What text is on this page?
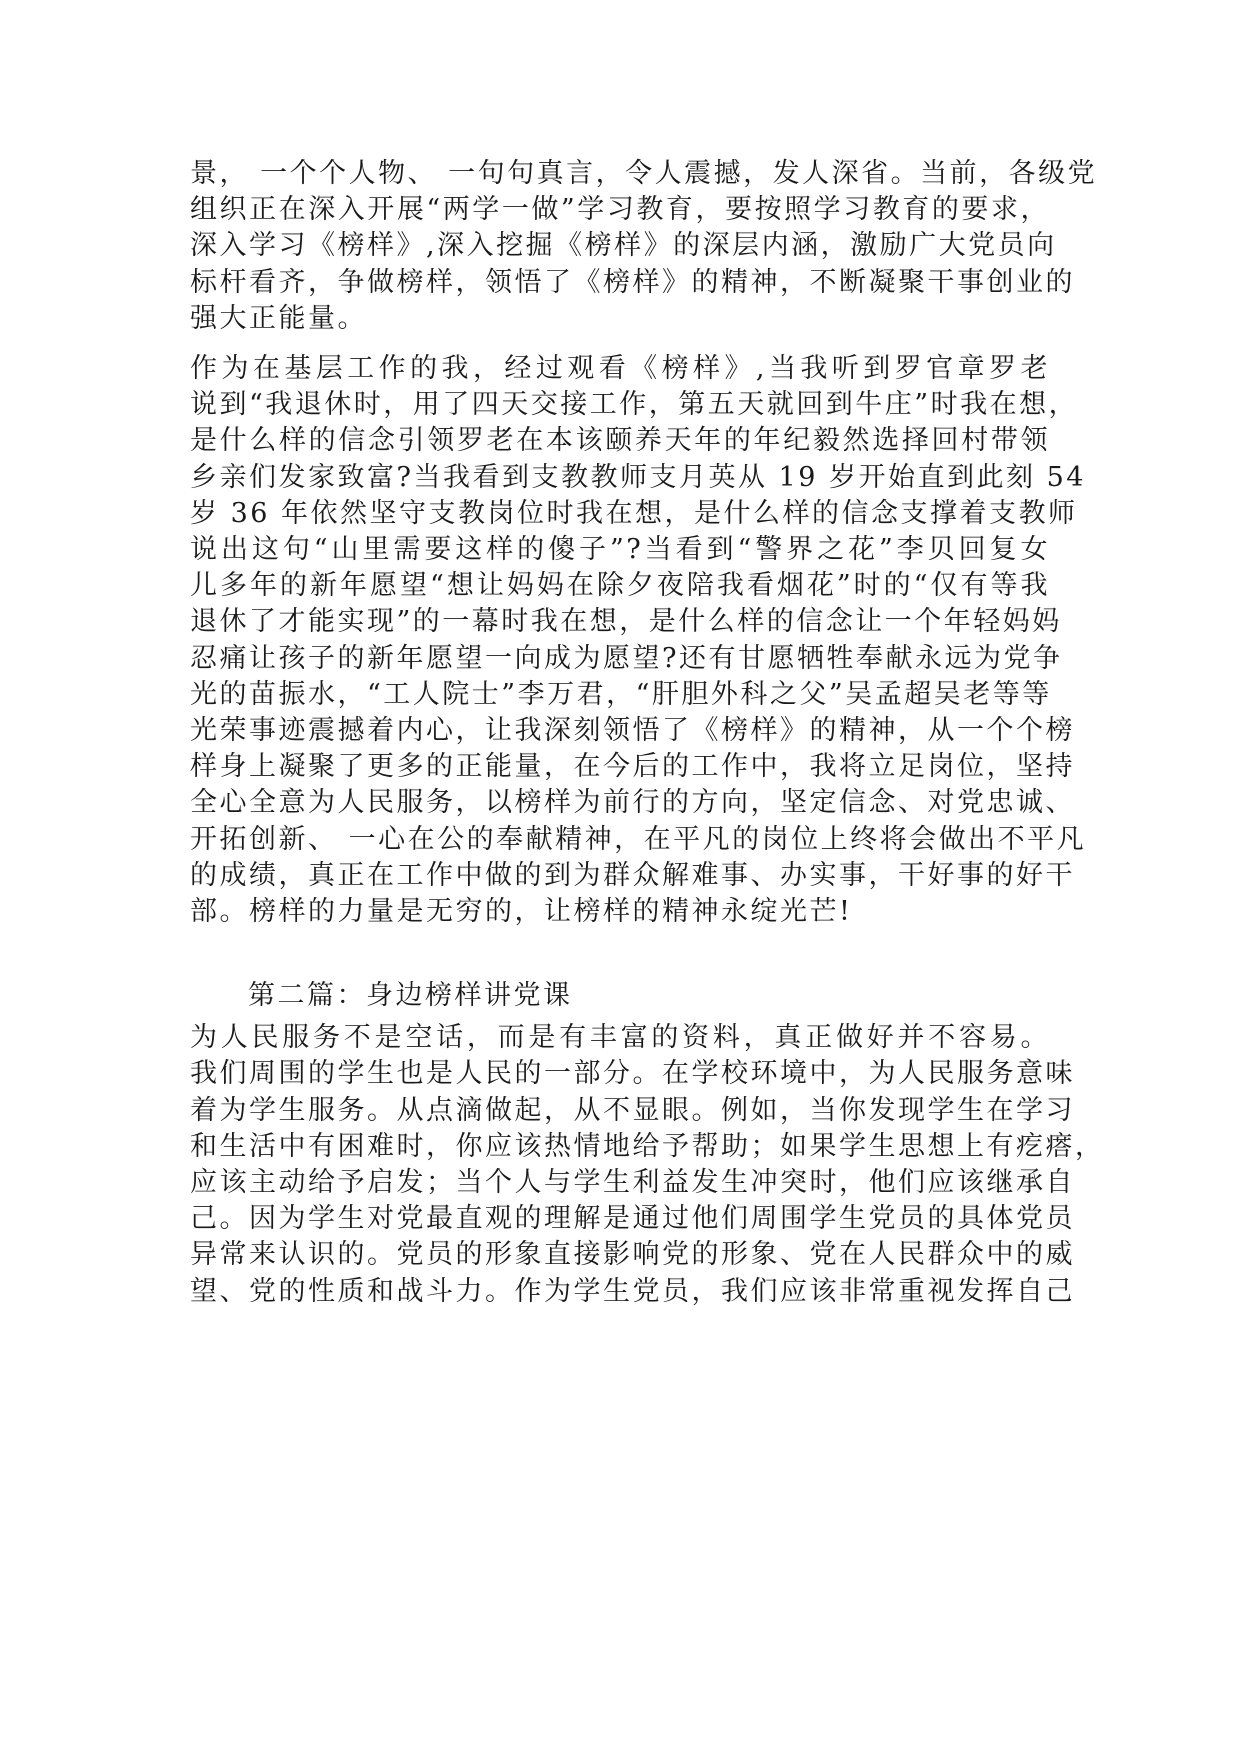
景， 一个个人物、 一句句真言，令人震撼，发人深省。当前，各级党
组织正在深入开展“两学一做”学习教育，要按照学习教育的要求，
深入学习《榜样》,深入挖掘《榜样》的深层内涵，激励广大党员向
标杆看齐，争做榜样，领悟了《榜样》的精神，不断凝聚干事创业的
强大正能量。
作为在基层工作的我，经过观看《榜样》,当我听到罗官章罗老
说到“我退休时，用了四天交接工作，第五天就回到牛庄”时我在想，
是什么样的信念引领罗老在本该颐养天年的年纪毅然选择回村带领
乡亲们发家致富?当我看到支教教师支月英从 19 岁开始直到此刻 54
岁 36 年依然坚守支教岗位时我在想，是什么样的信念支撑着支教师
说出这句“山里需要这样的傻子”?当看到“警界之花”李贝回复女
儿多年的新年愿望“想让妈妈在除夕夜陪我看烟花”时的“仅有等我
退休了才能实现”的一幕时我在想，是什么样的信念让一个年轻妈妈
忍痛让孩子的新年愿望一向成为愿望?还有甘愿牺牲奉献永远为党争
光的苗振水，“工人院士”李万君，“肝胆外科之父”吴孟超吴老等等
光荣事迹震撼着内心，让我深刻领悟了《榜样》的精神，从一个个榜
样身上凝聚了更多的正能量，在今后的工作中，我将立足岗位，坚持
全心全意为人民服务，以榜样为前行的方向，坚定信念、对党忠诚、
开拓创新、 一心在公的奉献精神，在平凡的岗位上终将会做出不平凡
的成绩，真正在工作中做的到为群众解难事、办实事，干好事的好干
部。榜样的力量是无穷的，让榜样的精神永绽光芒!
第二篇：身边榜样讲党课
为人民服务不是空话，而是有丰富的资料，真正做好并不容易。
我们周围的学生也是人民的一部分。在学校环境中，为人民服务意味
着为学生服务。从点滴做起，从不显眼。例如，当你发现学生在学习
和生活中有困难时，你应该热情地给予帮助；如果学生思想上有疙瘩，
应该主动给予启发；当个人与学生利益发生冲突时，他们应该继承自
己。因为学生对党最直观的理解是通过他们周围学生党员的具体党员
异常来认识的。党员的形象直接影响党的形象、党在人民群众中的威
望、党的性质和战斗力。作为学生党员，我们应该非常重视发挥自己
